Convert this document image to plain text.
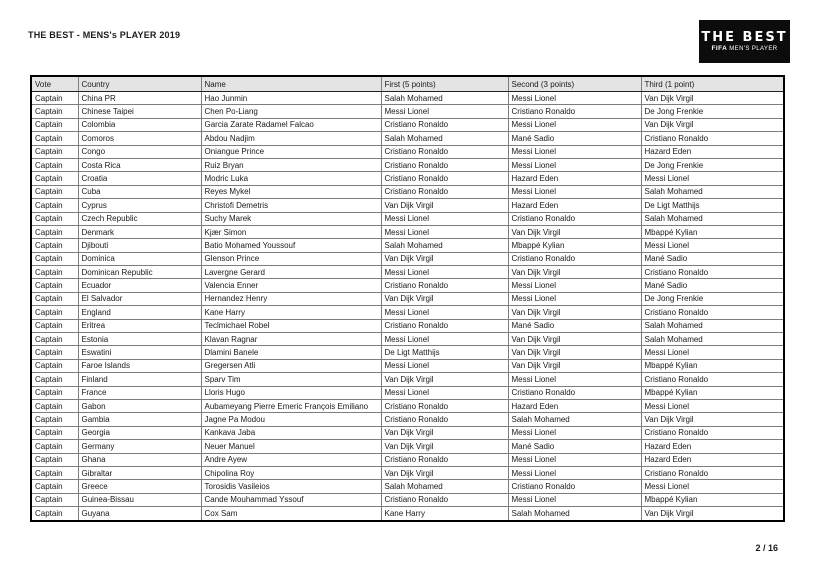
THE BEST - MENS's PLAYER 2019	THE BEST
FIFA MEN'S PLAYER
Vote	Country	Name	First (5 points)	Second (3 points)	Third (1 point)
Captain	China PR	Hao Junmin	Salah Mohamed	Messi Lionel	Van Dijk Virgil
Captain	Chinese Taipei	Chen Po-Liang	Messi Lionel	Cristiano Ronaldo	De Jong Frenkie
Captain	Colombia	Garcia Zarate Radamel Falcao	Cristiano Ronaldo	Messi Lionel	Van Dijk Virgil
Captain	Comoros	Abdou Nadjim	Salah Mohamed	Mané Sadio	Cristiano Ronaldo
Captain	Congo	Oniangue Prince	Cristiano Ronaldo	Messi Lionel	Hazard Eden
Captain	Costa Rica	Ruiz Bryan	Cristiano Ronaldo	Messi Lionel	De Jong Frenkie
Captain	Croatia	Modric Luka	Cristiano Ronaldo	Hazard Eden	Messi Lionel
Captain	Cuba	Reyes Mykel	Cristiano Ronaldo	Messi Lionel	Salah Mohamed
Captain	Cyprus	Christofi Demetris	Van Dijk Virgil	Hazard Eden	De Ligt Matthijs
Captain	Czech Republic	Suchy Marek	Messi Lionel	Cristiano Ronaldo	Salah Mohamed
Captain	Denmark	Kjær Simon	Messi Lionel	Van Dijk Virgil	Mbappé Kylian
Captain	Djibouti	Batio Mohamed Youssouf	Salah Mohamed	Mbappé Kylian	Messi Lionel
Captain	Dominica	Glenson Prince	Van Dijk Virgil	Cristiano Ronaldo	Mané Sadio
Captain	Dominican Republic	Lavergne Gerard	Messi Lionel	Van Dijk Virgil	Cristiano Ronaldo
Captain	Ecuador	Valencia Enner	Cristiano Ronaldo	Messi Lionel	Mané Sadio
Captain	El Salvador	Hernandez Henry	Van Dijk Virgil	Messi Lionel	De Jong Frenkie
Captain	England	Kane Harry	Messi Lionel	Van Dijk Virgil	Cristiano Ronaldo
Captain	Eritrea	Teclmichael Robel	Cristiano Ronaldo	Mané Sadio	Salah Mohamed
Captain	Estonia	Klavan Ragnar	Messi Lionel	Van Dijk Virgil	Salah Mohamed
Captain	Eswatini	Dlamini Banele	De Ligt Matthijs	Van Dijk Virgil	Messi Lionel
Captain	Faroe Islands	Gregersen Atli	Messi Lionel	Van Dijk Virgil	Mbappé Kylian
Captain	Finland	Sparv Tim	Van Dijk Virgil	Messi Lionel	Cristiano Ronaldo
Captain	France	Lloris Hugo	Messi Lionel	Cristiano Ronaldo	Mbappé Kylian
Captain	Gabon	Aubameyang Pierre Emeric François Emiliano	Cristiano Ronaldo	Hazard Eden	Messi Lionel
Captain	Gambia	Jagne Pa Modou	Cristiano Ronaldo	Salah Mohamed	Van Dijk Virgil
Captain	Georgia	Kankava Jaba	Van Dijk Virgil	Messi Lionel	Cristiano Ronaldo
Captain	Germany	Neuer Manuel	Van Dijk Virgil	Mané Sadio	Hazard Eden
Captain	Ghana	Andre Ayew	Cristiano Ronaldo	Messi Lionel	Hazard Eden
Captain	Gibraltar	Chipolina Roy	Van Dijk Virgil	Messi Lionel	Cristiano Ronaldo
Captain	Greece	Torosidis Vasileios	Salah Mohamed	Cristiano Ronaldo	Messi Lionel
Captain	Guinea-Bissau	Cande Mouhammad Yssouf	Cristiano Ronaldo	Messi Lionel	Mbappé Kylian
Captain	Guyana	Cox Sam	Kane Harry	Salah Mohamed	Van Dijk Virgil
2 / 16
